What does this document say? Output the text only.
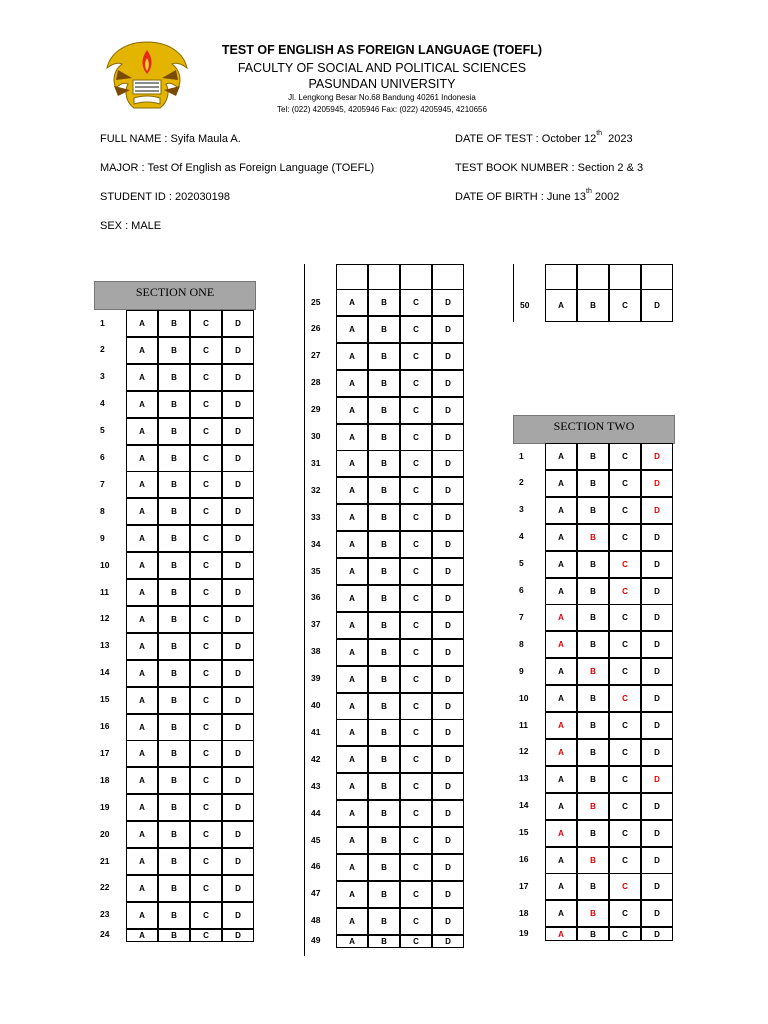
TEST OF ENGLISH AS FOREIGN LANGUAGE (TOEFL)
FACULTY OF SOCIAL AND POLITICAL SCIENCES
PASUNDAN UNIVERSITY
Jl. Lengkong Besar No.68 Bandung 40261 Indonesia
Tel: (022) 4205945, 4205946 Fax: (022) 4205945, 4210656
FULL NAME : Syifa Maula A.
MAJOR : Test Of English as Foreign Language (TOEFL)
STUDENT ID : 202030198
SEX : MALE
DATE OF TEST : October 12th  2023
TEST BOOK NUMBER : Section 2 & 3
DATE OF BIRTH : June 13th 2002
SECTION ONE
SECTION TWO
1	A	B	C	D
2	A	B	C	D
3	A	B	C	D
4	A	B	C	D
5	A	B	C	D
6	A	B	C	D
7	A	B	C	D
8	A	B	C	D
9	A	B	C	D
10	A	B	C	D
11	A	B	C	D
12	A	B	C	D
13	A	B	C	D
14	A	B	C	D
15	A	B	C	D
16	A	B	C	D
17	A	B	C	D
18	A	B	C	D
19	A	B	C	D
20	A	B	C	D
21	A	B	C	D
22	A	B	C	D
23	A	B	C	D
24	A	B	C	D
25	A	B	C	D
26	A	B	C	D
27	A	B	C	D
28	A	B	C	D
29	A	B	C	D
30	A	B	C	D
31	A	B	C	D
32	A	B	C	D
33	A	B	C	D
34	A	B	C	D
35	A	B	C	D
36	A	B	C	D
37	A	B	C	D
38	A	B	C	D
39	A	B	C	D
40	A	B	C	D
41	A	B	C	D
42	A	B	C	D
43	A	B	C	D
44	A	B	C	D
45	A	B	C	D
46	A	B	C	D
47	A	B	C	D
48	A	B	C	D
49	A	B	C	D
50	A	B	C	D
1	A	B	C	D
2	A	B	C	D
3	A	B	C	D
4	A	B	C	D
5	A	B	C	D
6	A	B	C	D
7	A	B	C	D
8	A	B	C	D
9	A	B	C	D
10	A	B	C	D
11	A	B	C	D
12	A	B	C	D
13	A	B	C	D
14	A	B	C	D
15	A	B	C	D
16	A	B	C	D
17	A	B	C	D
18	A	B	C	D
19	A	B	C	D
